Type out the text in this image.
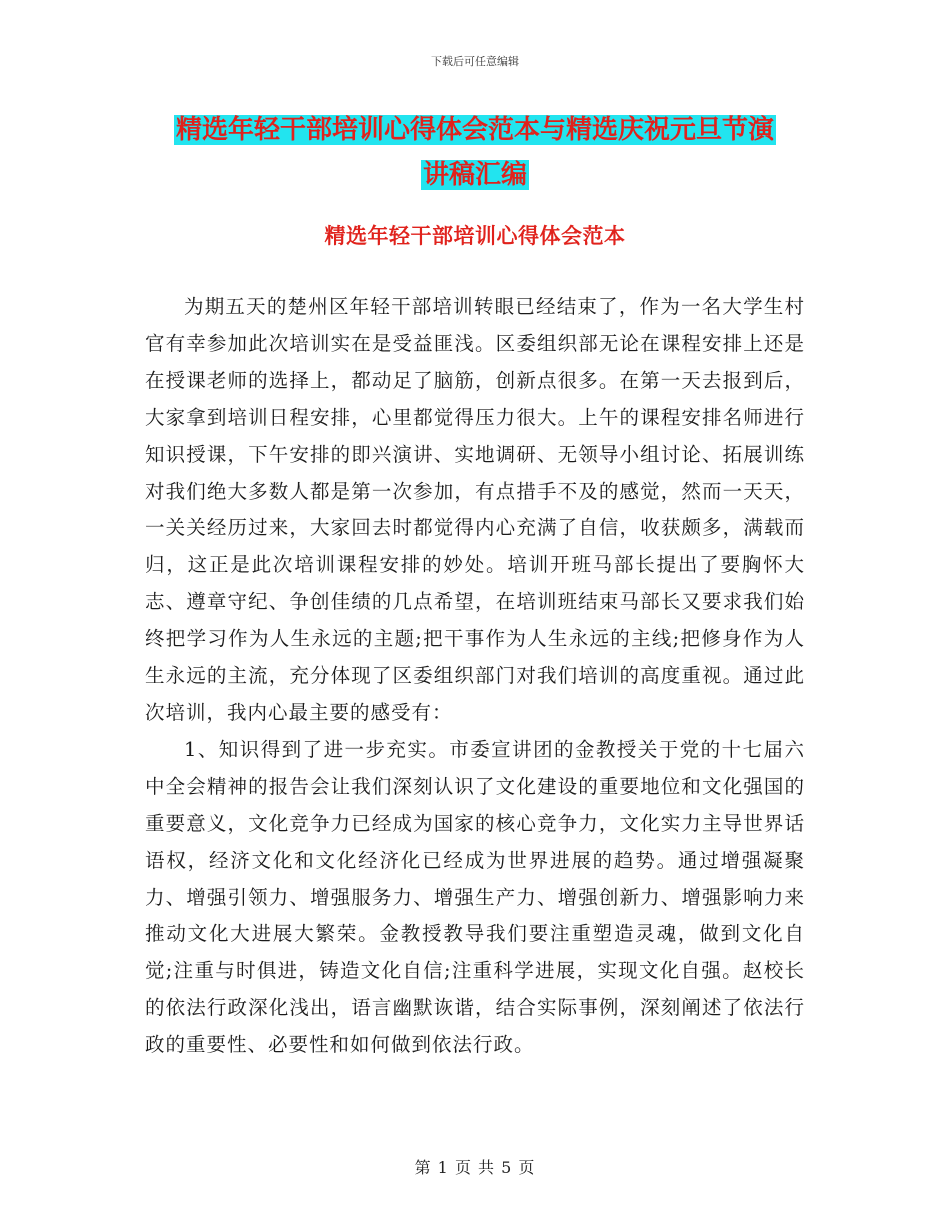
下载后可任意编辑
精选年轻干部培训心得体会范本与精选庆祝元旦节演
讲稿汇编
精选年轻干部培训心得体会范本

为期五天的楚州区年轻干部培训转眼已经结束了，作为一名大学生村官有幸参加此次培训实在是受益匪浅。区委组织部无论在课程安排上还是在授课老师的选择上，都动足了脑筋，创新点很多。在第一天去报到后，大家拿到培训日程安排，心里都觉得压力很大。上午的课程安排名师进行知识授课，下午安排的即兴演讲、实地调研、无领导小组讨论、拓展训练对我们绝大多数人都是第一次参加，有点措手不及的感觉，然而一天天，一关关经历过来，大家回去时都觉得内心充满了自信，收获颇多，满载而归，这正是此次培训课程安排的妙处。培训开班马部长提出了要胸怀大志、遵章守纪、争创佳绩的几点希望，在培训班结束马部长又要求我们始终把学习作为人生永远的主题;把干事作为人生永远的主线;把修身作为人生永远的主流，充分体现了区委组织部门对我们培训的高度重视。通过此次培训，我内心最主要的感受有：

1、知识得到了进一步充实。市委宣讲团的金教授关于党的十七届六中全会精神的报告会让我们深刻认识了文化建设的重要地位和文化强国的重要意义，文化竞争力已经成为国家的核心竞争力，文化实力主导世界话语权，经济文化和文化经济化已经成为世界进展的趋势。通过增强凝聚力、增强引领力、增强服务力、增强生产力、增强创新力、增强影响力来推动文化大进展大繁荣。金教授教导我们要注重塑造灵魂，做到文化自觉;注重与时俱进，铸造文化自信;注重科学进展，实现文化自强。赵校长的依法行政深化浅出，语言幽默诙谐，结合实际事例，深刻阐述了依法行政的重要性、必要性和如何做到依法行政。

第 1 页 共 5 页
